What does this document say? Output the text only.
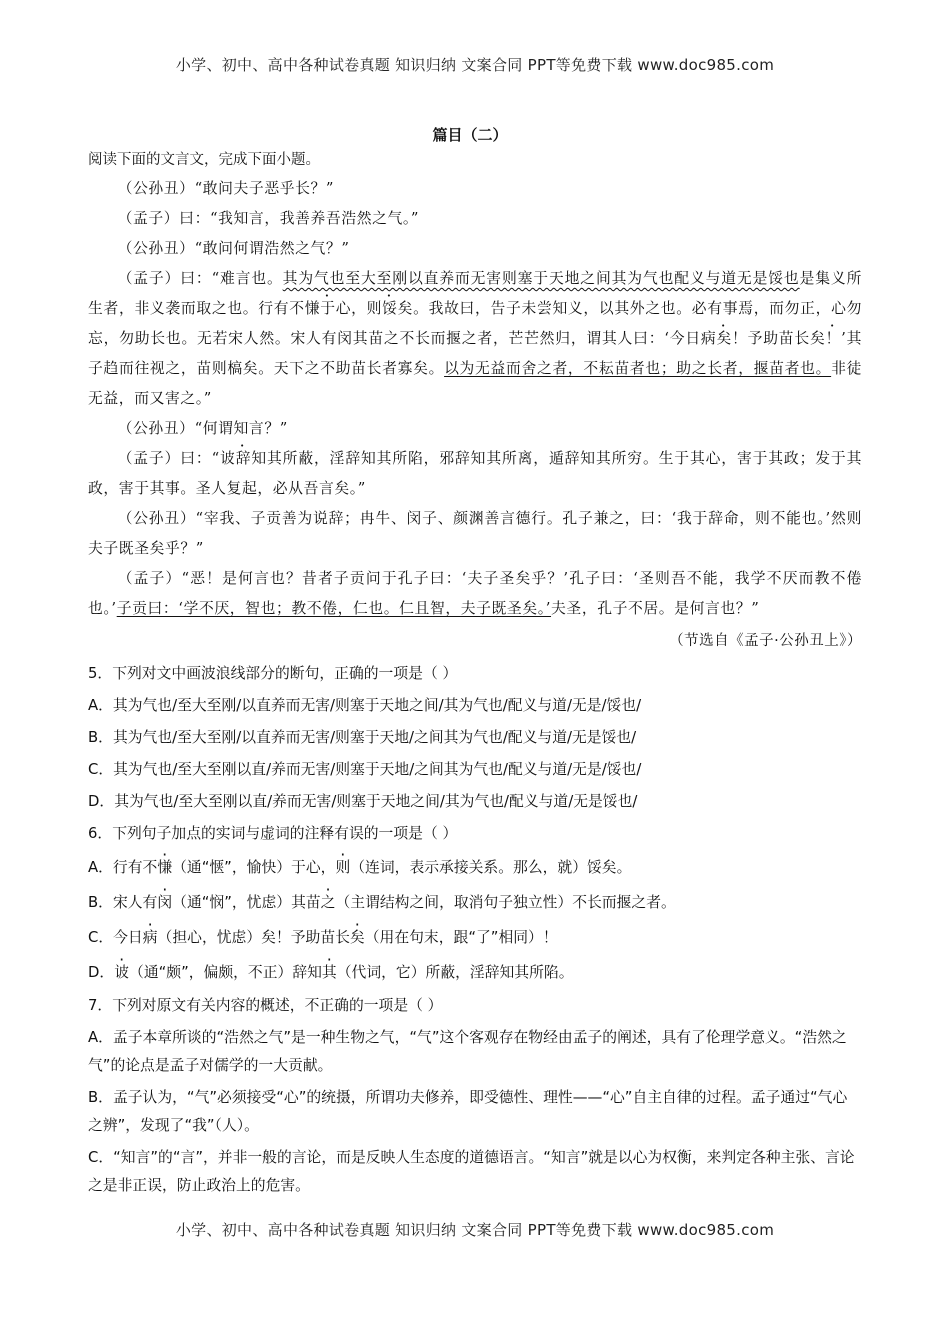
小学、初中、高中各种试卷真题 知识归纳 文案合同 PPT等免费下载 www.doc985.com
篇目（二）
阅读下面的文言文，完成下面小题。
（公孙丑）“敢问夫子恶乎长？”
（孟子）曰：“我知言，我善养吾浩然之气。”
（公孙丑）“敢问何谓浩然之气？”
（孟子）曰：“难言也。其为气也至大至刚以直养而无害则塞于天地之间其为气也配义与道无是馁也是集义所生者，非义袭而取之也。行有不慊于心，则馁矣。我故曰，告子未尝知义，以其外之也。必有事焉，而勿正，心勿忘，勿助长也。无若宋人然。宋人有闵其苗之不长而揠之者，芒芒然归，谓其人曰：‘今日病矣！予助苗长矣！’其子趋而往视之，苗则槁矣。天下之不助苗长者寡矣。以为无益而舍之者，不耘苗者也；助之长者，揠苗者也。非徒无益，而又害之。”
（公孙丑）“何谓知言？”
（孟子）曰：“诐辞知其所蔽，淫辞知其所陷，邪辞知其所离，遁辞知其所穷。生于其心，害于其政；发于其政，害于其事。圣人复起，必从吾言矣。”
（公孙丑）“宰我、子贡善为说辞；冉牛、闵子、颜渊善言德行。孔子兼之，曰：‘我于辞命，则不能也。’然则夫子既圣矣乎？”
（孟子）“恶！是何言也？昔者子贡问于孔子曰：‘夫子圣矣乎？’孔子曰：‘圣则吾不能，我学不厌而教不倦也。’子贡曰：‘学不厌，智也；教不倦，仁也。仁且智，夫子既圣矣。’夫圣，孔子不居。是何言也？”
（节选自《孟子·公孙丑上》）
5．下列对文中画波浪线部分的断句，正确的一项是（ ）
A．其为气也/至大至刚/以直养而无害/则塞于天地之间/其为气也/配义与道/无是/馁也/
B．其为气也/至大至刚/以直养而无害/则塞于天地/之间其为气也/配义与道/无是馁也/
C．其为气也/至大至刚以直/养而无害/则塞于天地/之间其为气也/配义与道/无是/馁也/
D．其为气也/至大至刚以直/养而无害/则塞于天地之间/其为气也/配义与道/无是馁也/
6．下列句子加点的实词与虚词的注释有误的一项是（ ）
A．行有不慊（通“惬”，愉快）于心，则（连词，表示承接关系。那么，就）馁矣。
B．宋人有闵（通“悯”，忧虑）其苗之（主谓结构之间，取消句子独立性）不长而揠之者。
C．今日病（担心，忧虑）矣！予助苗长矣（用在句末，跟“了”相同）！
D．诐（通“颇”，偏颇，不正）辞知其（代词，它）所蔽，淫辞知其所陷。
7．下列对原文有关内容的概述，不正确的一项是（ ）
A．孟子本章所谈的“浩然之气”是一种生物之气，“气”这个客观存在物经由孟子的阐述，具有了伦理学意义。“浩然之气”的论点是孟子对儒学的一大贡献。
B．孟子认为，“气”必须接受“心”的统摄，所谓功夫修养，即受德性、理性——“心”自主自律的过程。孟子通过“气心之辨”，发现了“我”（人）。
C．“知言”的“言”，并非一般的言论，而是反映人生态度的道德语言。“知言”就是以心为权衡，来判定各种主张、言论之是非正误，防止政治上的危害。
小学、初中、高中各种试卷真题 知识归纳 文案合同 PPT等免费下载 www.doc985.com
